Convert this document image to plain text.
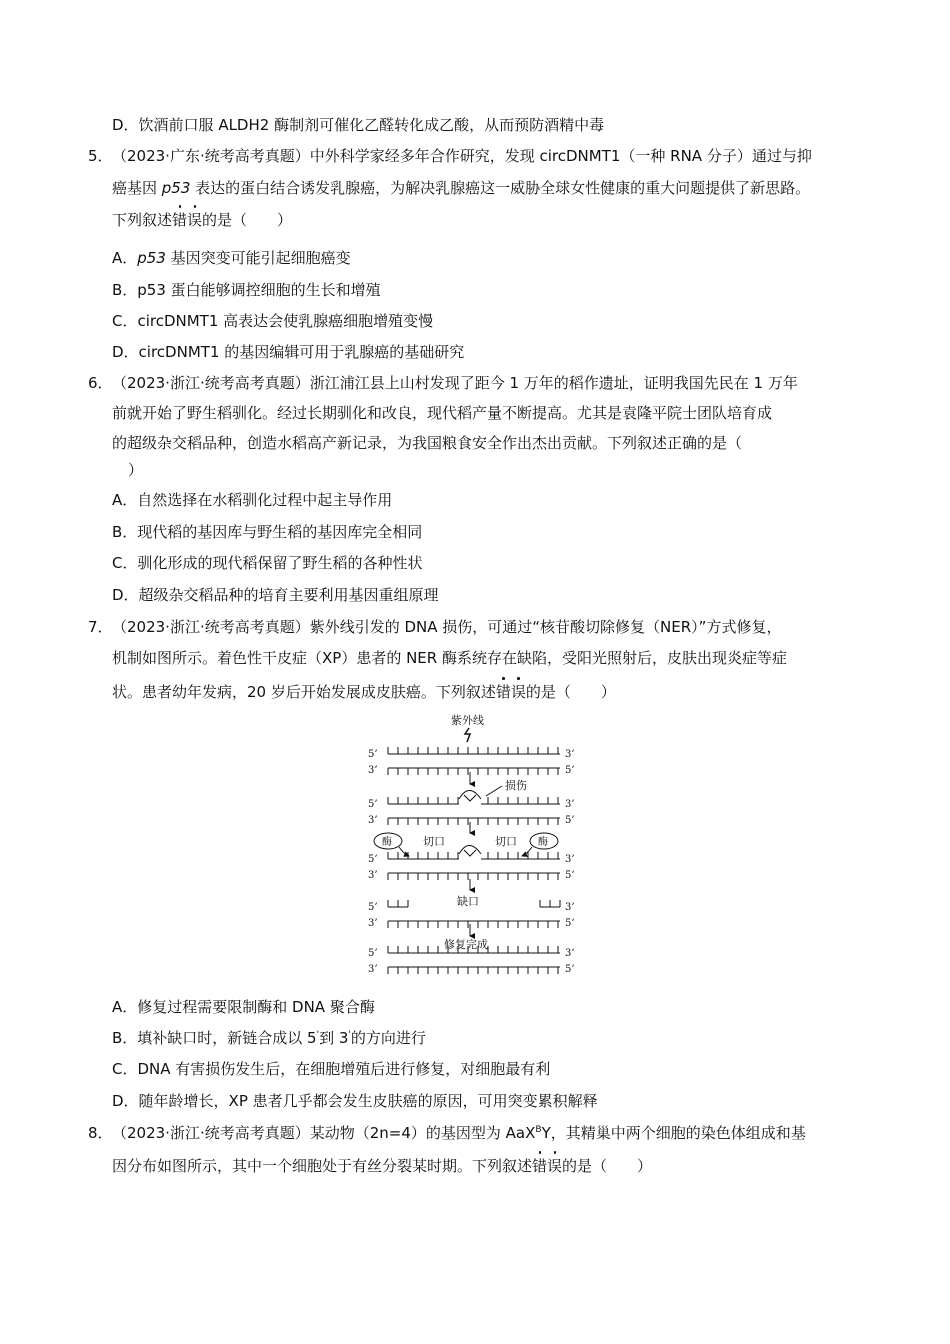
D．饮酒前口服 ALDH2 酶制剂可催化乙醛转化成乙酸，从而预防酒精中毒
5． （2023·广东·统考高考真题）中外科学家经多年合作研究，发现 circDNMT1（一种 RNA 分子）通过与抑
癌基因 p53 表达的蛋白结合诱发乳腺癌，为解决乳腺癌这一威胁全球女性健康的重大问题提供了新思路。
下列叙述错误的是（　　）
A．p53 基因突变可能引起细胞癌变
B．p53 蛋白能够调控细胞的生长和增殖
C．circDNMT1 高表达会使乳腺癌细胞增殖变慢
D．circDNMT1 的基因编辑可用于乳腺癌的基础研究
6． （2023·浙江·统考高考真题）浙江浦江县上山村发现了距今 1 万年的稻作遗址，证明我国先民在 1 万年
前就开始了野生稻驯化。经过长期驯化和改良，现代稻产量不断提高。尤其是袁隆平院士团队培育成
的超级杂交稻品种，创造水稻高产新记录，为我国粮食安全作出杰出贡献。下列叙述正确的是（
）
A．自然选择在水稻驯化过程中起主导作用
B．现代稻的基因库与野生稻的基因库完全相同
C．驯化形成的现代稻保留了野生稻的各种性状
D．超级杂交稻品种的培育主要利用基因重组原理
7． （2023·浙江·统考高考真题）紫外线引发的 DNA 损伤，可通过“核苷酸切除修复（NER）”方式修复，
机制如图所示。着色性干皮症（XP）患者的 NER 酶系统存在缺陷，受阳光照射后，皮肤出现炎症等症
状。患者幼年发病，20 岁后开始发展成皮肤癌。下列叙述错误的是（　　）
紫外线
损伤
酶	酶
切口	切口
缺口
修复完成
5’	3’
3’	5’
5’	3’
3’	5’
5’	3’
3’	5’
5’	3’
3’	5’
5’	3’
3’	5’
A．修复过程需要限制酶和 DNA 聚合酶
B．填补缺口时，新链合成以 5'到 3'的方向进行
C．DNA 有害损伤发生后，在细胞增殖后进行修复，对细胞最有利
D．随年龄增长，XP 患者几乎都会发生皮肤癌的原因，可用突变累积解释
8． （2023·浙江·统考高考真题）某动物（2n=4）的基因型为 AaX$^B$Y，其精巢中两个细胞的染色体组成和基
因分布如图所示，其中一个细胞处于有丝分裂某时期。下列叙述错误的是（　　）
